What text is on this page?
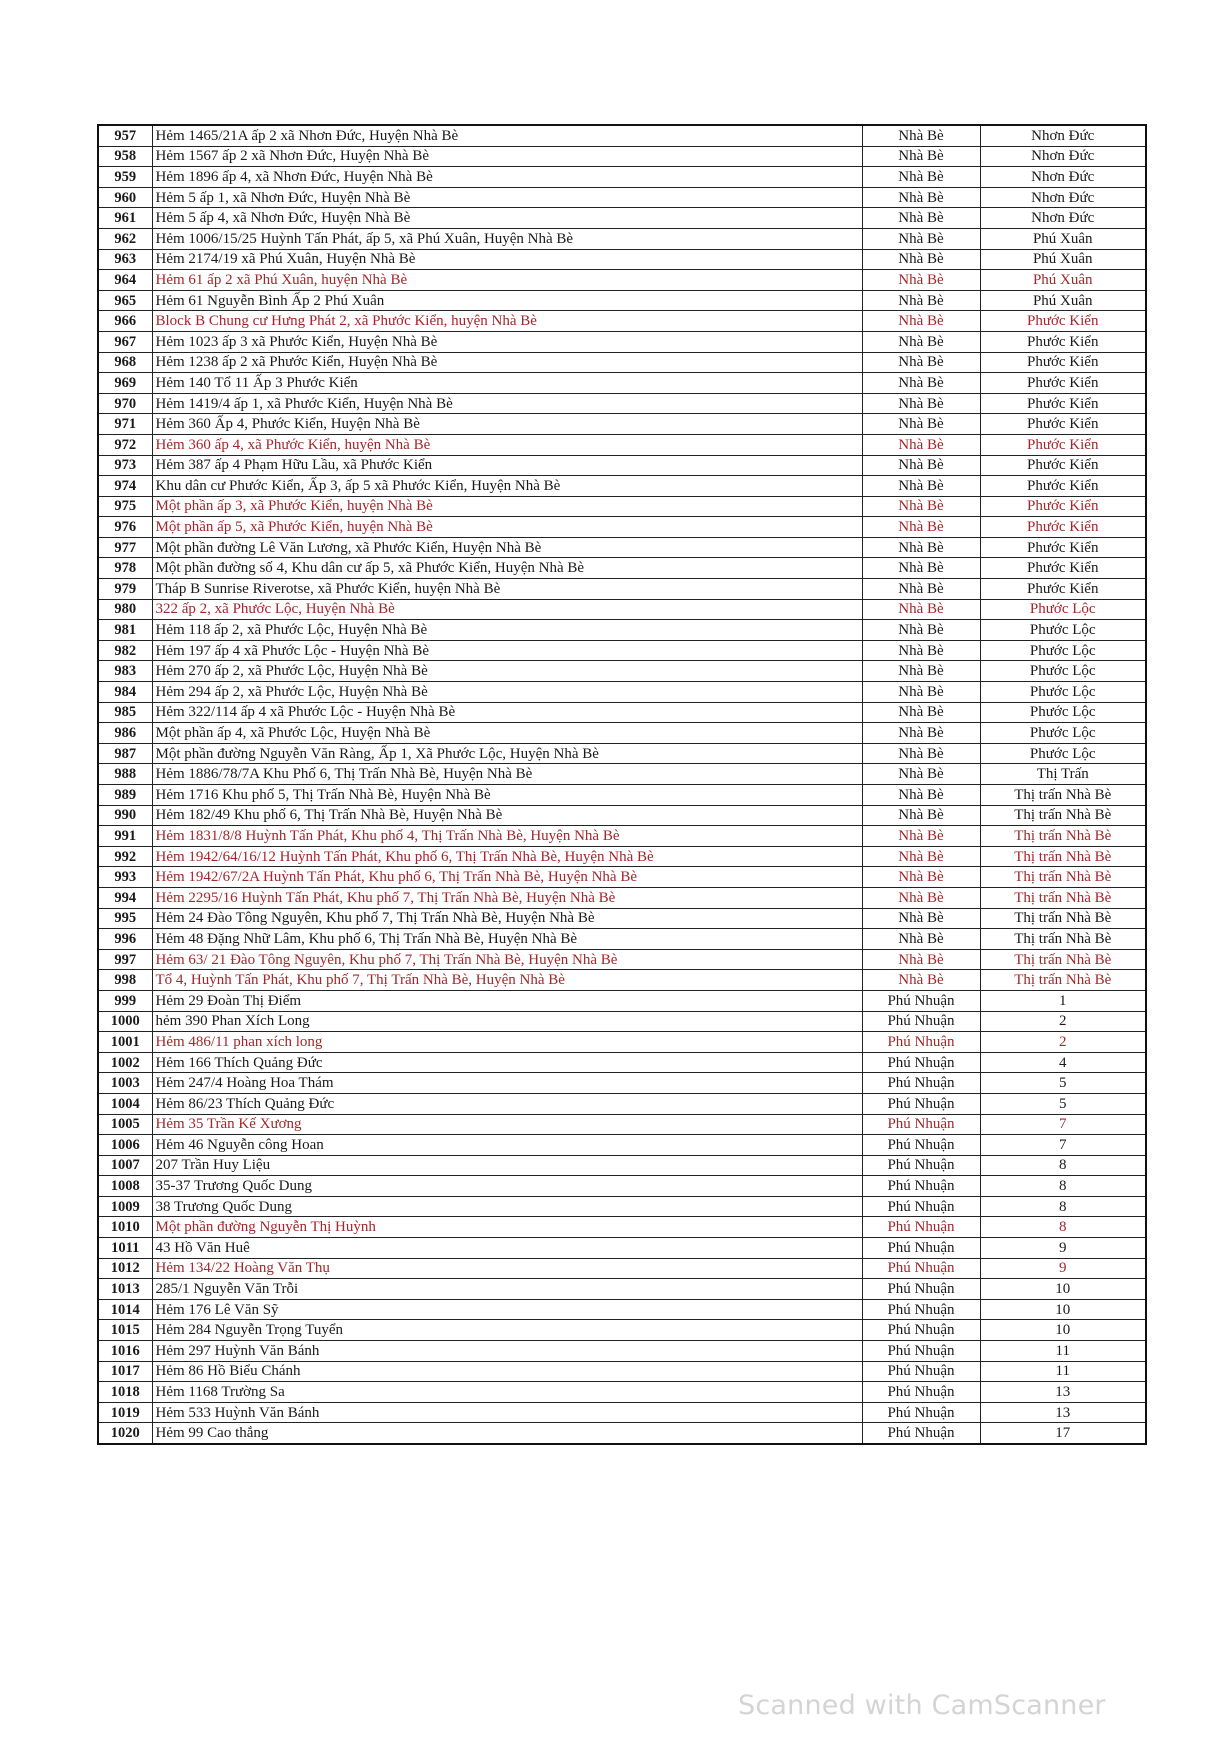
957	Hẻm 1465/21A ấp 2 xã Nhơn Đức, Huyện Nhà Bè	Nhà Bè	Nhơn Đức
958	Hẻm 1567 ấp 2 xã Nhơn Đức, Huyện Nhà Bè	Nhà Bè	Nhơn Đức
959	Hẻm 1896 ấp 4, xã Nhơn Đức, Huyện Nhà Bè	Nhà Bè	Nhơn Đức
960	Hẻm 5 ấp 1, xã Nhơn Đức, Huyện Nhà Bè	Nhà Bè	Nhơn Đức
961	Hẻm 5 ấp 4, xã Nhơn Đức, Huyện Nhà Bè	Nhà Bè	Nhơn Đức
962	Hẻm 1006/15/25 Huỳnh Tấn Phát, ấp 5, xã Phú Xuân, Huyện Nhà Bè	Nhà Bè	Phú Xuân
963	Hẻm 2174/19 xã Phú Xuân, Huyện Nhà Bè	Nhà Bè	Phú Xuân
964	Hẻm 61 ấp 2 xã Phú Xuân, huyện Nhà Bè	Nhà Bè	Phú Xuân
965	Hẻm 61 Nguyễn Bình Ấp 2 Phú Xuân	Nhà Bè	Phú Xuân
966	Block B Chung cư Hưng Phát 2, xã Phước Kiển, huyện Nhà Bè	Nhà Bè	Phước Kiển
967	Hẻm 1023 ấp 3 xã Phước Kiển, Huyện Nhà Bè	Nhà Bè	Phước Kiển
968	Hẻm 1238 ấp 2 xã Phước Kiển, Huyện Nhà Bè	Nhà Bè	Phước Kiển
969	Hẻm 140 Tổ 11 Ấp 3 Phước Kiển	Nhà Bè	Phước Kiển
970	Hẻm 1419/4 ấp 1, xã Phước Kiển, Huyện Nhà Bè	Nhà Bè	Phước Kiển
971	Hẻm 360 Ấp 4, Phước Kiển, Huyện Nhà Bè	Nhà Bè	Phước Kiển
972	Hẻm 360 ấp 4, xã Phước Kiển, huyện Nhà Bè	Nhà Bè	Phước Kiển
973	Hẻm 387 ấp 4 Phạm Hữu Lầu, xã Phước Kiển	Nhà Bè	Phước Kiển
974	Khu dân cư Phước Kiển, Ấp 3, ấp 5 xã Phước Kiển, Huyện Nhà Bè	Nhà Bè	Phước Kiển
975	Một phần ấp 3, xã Phước Kiển, huyện Nhà Bè	Nhà Bè	Phước Kiển
976	Một phần ấp 5, xã Phước Kiển, huyện Nhà Bè	Nhà Bè	Phước Kiển
977	Một phần đường Lê Văn Lương, xã Phước Kiển, Huyện Nhà Bè	Nhà Bè	Phước Kiển
978	Một phần đường số 4, Khu dân cư ấp 5, xã Phước Kiển, Huyện Nhà Bè	Nhà Bè	Phước Kiển
979	Tháp B Sunrise Riverotse, xã Phước Kiển, huyện Nhà Bè	Nhà Bè	Phước Kiển
980	322 ấp 2, xã Phước Lộc, Huyện Nhà Bè	Nhà Bè	Phước Lộc
981	Hẻm 118 ấp 2, xã Phước Lộc, Huyện Nhà Bè	Nhà Bè	Phước Lộc
982	Hẻm 197 ấp 4 xã Phước Lộc - Huyện Nhà Bè	Nhà Bè	Phước Lộc
983	Hẻm 270 ấp 2, xã Phước Lộc, Huyện Nhà Bè	Nhà Bè	Phước Lộc
984	Hẻm 294 ấp 2, xã Phước Lộc, Huyện Nhà Bè	Nhà Bè	Phước Lộc
985	Hẻm 322/114 ấp 4 xã Phước Lộc - Huyện Nhà Bè	Nhà Bè	Phước Lộc
986	Một phần ấp 4, xã Phước Lộc, Huyện Nhà Bè	Nhà Bè	Phước Lộc
987	Một phần đường Nguyễn Văn Ràng, Ấp 1, Xã Phước Lộc, Huyện Nhà Bè	Nhà Bè	Phước Lộc
988	Hẻm 1886/78/7A Khu Phố 6, Thị Trấn Nhà Bè, Huyện Nhà Bè	Nhà Bè	Thị Trấn
989	Hẻm 1716 Khu phố 5, Thị Trấn Nhà Bè, Huyện Nhà Bè	Nhà Bè	Thị trấn Nhà Bè
990	Hẻm 182/49 Khu phố 6, Thị Trấn Nhà Bè, Huyện Nhà Bè	Nhà Bè	Thị trấn Nhà Bè
991	Hẻm 1831/8/8 Huỳnh Tấn Phát, Khu phố 4, Thị Trấn Nhà Bè, Huyện Nhà Bè	Nhà Bè	Thị trấn Nhà Bè
992	Hẻm 1942/64/16/12 Huỳnh Tấn Phát, Khu phố 6, Thị Trấn Nhà Bè, Huyện Nhà Bè	Nhà Bè	Thị trấn Nhà Bè
993	Hẻm 1942/67/2A Huỳnh Tấn Phát, Khu phố 6, Thị Trấn Nhà Bè, Huyện Nhà Bè	Nhà Bè	Thị trấn Nhà Bè
994	Hẻm 2295/16 Huỳnh Tấn Phát, Khu phố 7, Thị Trấn Nhà Bè, Huyện Nhà Bè	Nhà Bè	Thị trấn Nhà Bè
995	Hẻm 24 Đào Tông Nguyên, Khu phố 7, Thị Trấn Nhà Bè, Huyện Nhà Bè	Nhà Bè	Thị trấn Nhà Bè
996	Hẻm 48 Đặng Nhữ Lâm, Khu phố 6, Thị Trấn Nhà Bè, Huyện Nhà Bè	Nhà Bè	Thị trấn Nhà Bè
997	Hẻm 63/ 21 Đào Tông Nguyên, Khu phố 7, Thị Trấn Nhà Bè, Huyện Nhà Bè	Nhà Bè	Thị trấn Nhà Bè
998	Tổ 4, Huỳnh Tấn Phát, Khu phố 7, Thị Trấn Nhà Bè, Huyện Nhà Bè	Nhà Bè	Thị trấn Nhà Bè
999	Hẻm 29 Đoàn Thị Điểm	Phú Nhuận	1
1000	hẻm 390 Phan Xích Long	Phú Nhuận	2
1001	Hẻm 486/11 phan xích long	Phú Nhuận	2
1002	Hẻm 166 Thích Quảng Đức	Phú Nhuận	4
1003	Hẻm 247/4 Hoàng Hoa Thám	Phú Nhuận	5
1004	Hẻm 86/23 Thích Quảng Đức	Phú Nhuận	5
1005	Hẻm 35 Trần Kế Xương	Phú Nhuận	7
1006	Hẻm 46 Nguyễn công Hoan	Phú Nhuận	7
1007	207 Trần Huy Liệu	Phú Nhuận	8
1008	35-37 Trương Quốc Dung	Phú Nhuận	8
1009	38 Trương Quốc Dung	Phú Nhuận	8
1010	Một phần đường Nguyễn Thị Huỳnh	Phú Nhuận	8
1011	43 Hồ Văn Huê	Phú Nhuận	9
1012	Hẻm 134/22 Hoàng Văn Thụ	Phú Nhuận	9
1013	285/1 Nguyễn Văn Trỗi	Phú Nhuận	10
1014	Hẻm 176 Lê Văn Sỹ	Phú Nhuận	10
1015	Hẻm 284 Nguyễn Trọng Tuyển	Phú Nhuận	10
1016	Hẻm 297 Huỳnh Văn Bánh	Phú Nhuận	11
1017	Hẻm 86 Hồ Biểu Chánh	Phú Nhuận	11
1018	Hẻm 1168 Trường Sa	Phú Nhuận	13
1019	Hẻm 533 Huỳnh Văn Bánh	Phú Nhuận	13
1020	Hẻm 99 Cao thắng	Phú Nhuận	17
Scanned with CamScanner
